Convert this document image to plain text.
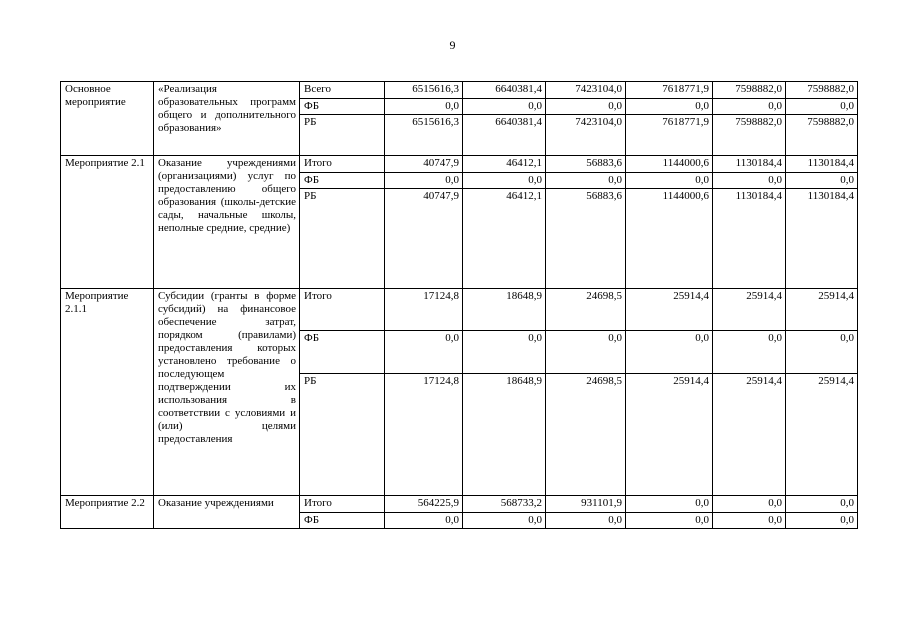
9
Основное мероприятие	«Реализация образовательных программ общего и дополнительного образования»	Всего	6515616,3	6640381,4	7423104,0	7618771,9	7598882,0	7598882,0
		ФБ	0,0	0,0	0,0	0,0	0,0	0,0
		РБ	6515616,3	6640381,4	7423104,0	7618771,9	7598882,0	7598882,0
Мероприятие 2.1	Оказание учреждениями (организациями) услуг по предоставлению общего образования (школы-детские сады, начальные школы, неполные средние, средние)	Итого	40747,9	46412,1	56883,6	1144000,6	1130184,4	1130184,4
		ФБ	0,0	0,0	0,0	0,0	0,0	0,0
		РБ	40747,9	46412,1	56883,6	1144000,6	1130184,4	1130184,4
Мероприятие 2.1.1	Субсидии (гранты в форме субсидий) на финансовое обеспечение затрат, порядком (правилами) предоставления которых установлено требование о последующем подтверждении их использования в соответствии с условиями и (или) целями предоставления	Итого	17124,8	18648,9	24698,5	25914,4	25914,4	25914,4
		ФБ	0,0	0,0	0,0	0,0	0,0	0,0
		РБ	17124,8	18648,9	24698,5	25914,4	25914,4	25914,4
Мероприятие 2.2	Оказание учреждениями	Итого	564225,9	568733,2	931101,9	0,0	0,0	0,0
		ФБ	0,0	0,0	0,0	0,0	0,0	0,0
